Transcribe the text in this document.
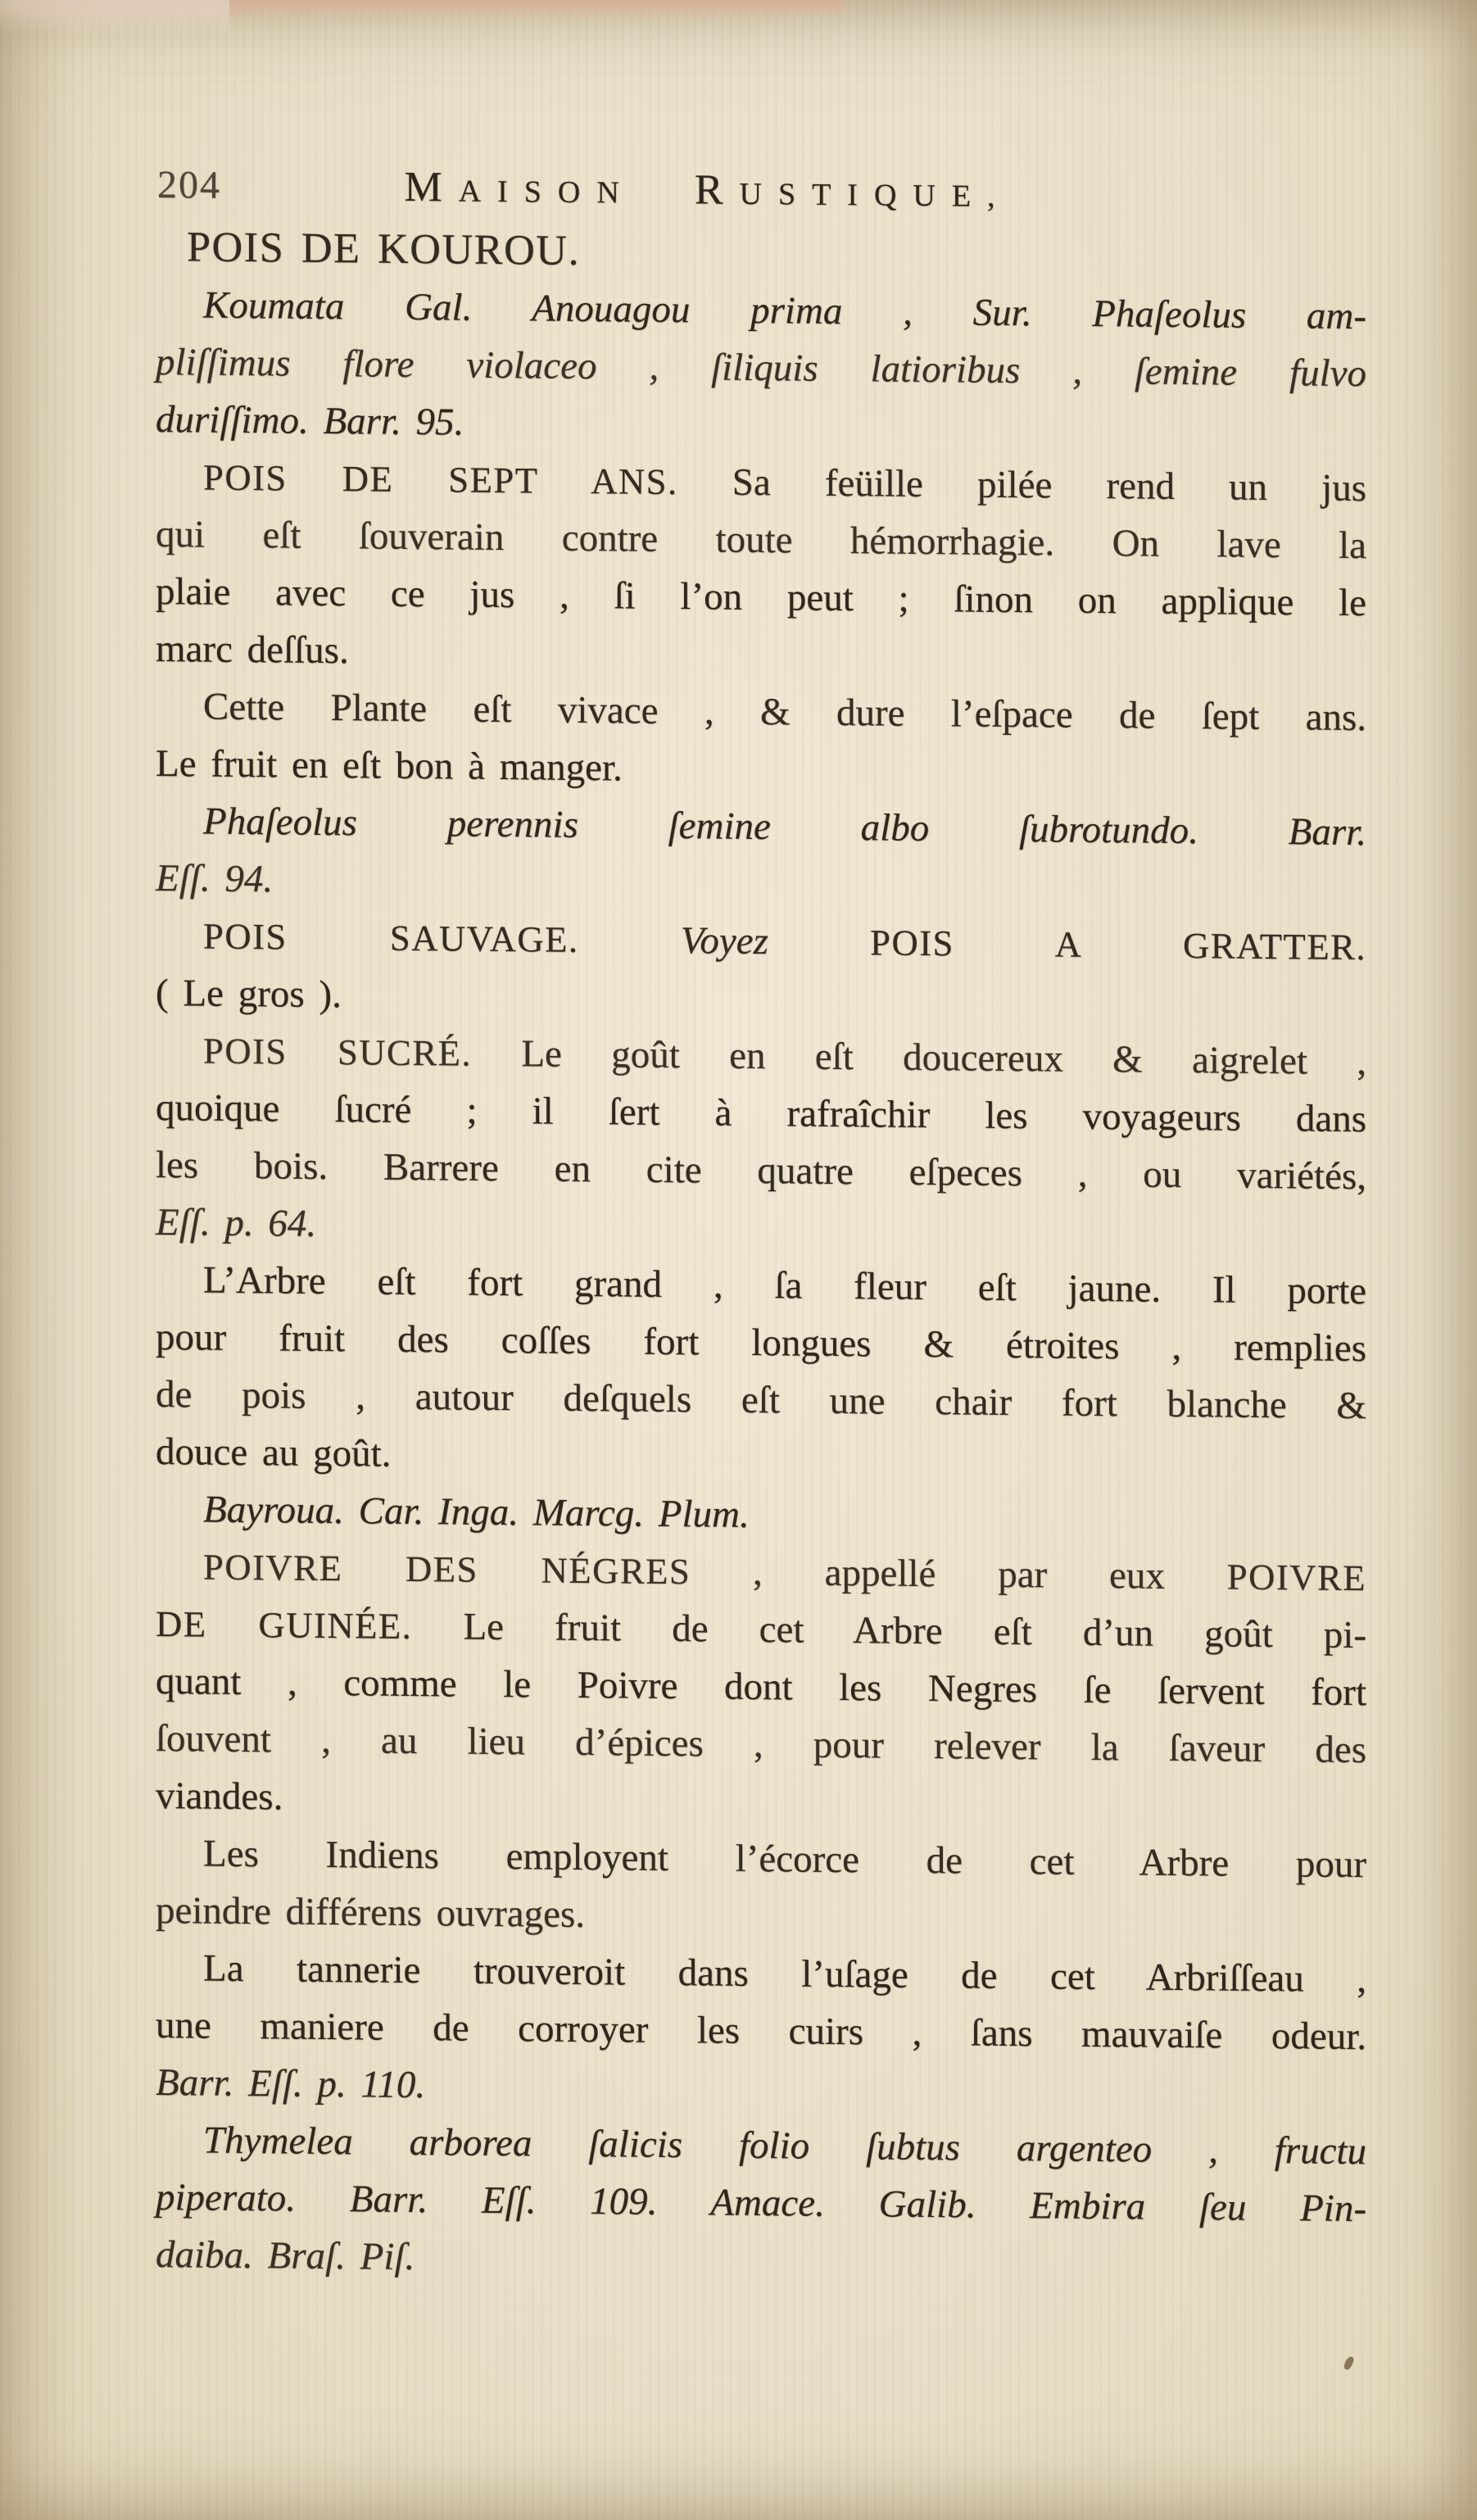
204	MAISON RUSTIQUE,
POIS DE KOUROU.
Koumata Gal. Anouagou prima , Sur. Phaſeolus am-
pliſſimus flore violaceo , ſiliquis latioribus , ſemine fulvo
duriſſimo. Barr. 95.
POIS DE SEPT ANS. Sa feüille pilée rend un jus
qui eſt ſouverain contre toute hémorrhagie. On lave la
plaie avec ce jus , ſi l’on peut ; ſinon on applique le
marc deſſus.
Cette Plante eſt vivace , & dure l’eſpace de ſept ans.
Le fruit en eſt bon à manger.
Phaſeolus perennis ſemine albo ſubrotundo. Barr.
Eſſ. 94.
POIS SAUVAGE.	Voyez	POIS A GRATTER.
( Le gros ).
POIS SUCRÉ. Le goût en eſt doucereux & aigrelet ,
quoique ſucré ; il ſert à rafraîchir les voyageurs dans
les bois. Barrere en cite quatre eſpeces , ou variétés,
Eſſ. p. 64.
L’Arbre eſt fort grand , ſa fleur eſt jaune. Il porte
pour fruit des coſſes fort longues & étroites , remplies
de pois , autour deſquels eſt une chair fort blanche &
douce au goût.
Bayroua. Car. Inga. Marcg. Plum.
POIVRE DES NÉGRES , appellé par eux POIVRE
DE GUINÉE. Le fruit de cet Arbre eſt d’un goût pi-
quant , comme le Poivre dont les Negres ſe ſervent fort
ſouvent , au lieu d’épices , pour relever la ſaveur des
viandes.
Les Indiens employent l’écorce de cet Arbre pour
peindre différens ouvrages.
La tannerie trouveroit dans l’uſage de cet Arbriſſeau ,
une maniere de corroyer les cuirs , ſans mauvaiſe odeur.
Barr. Eſſ. p. 110.
Thymelea arborea ſalicis folio ſubtus argenteo , fructu
piperato. Barr. Eſſ. 109. Amace. Galib. Embira ſeu Pin-
daiba. Braſ. Piſ.
